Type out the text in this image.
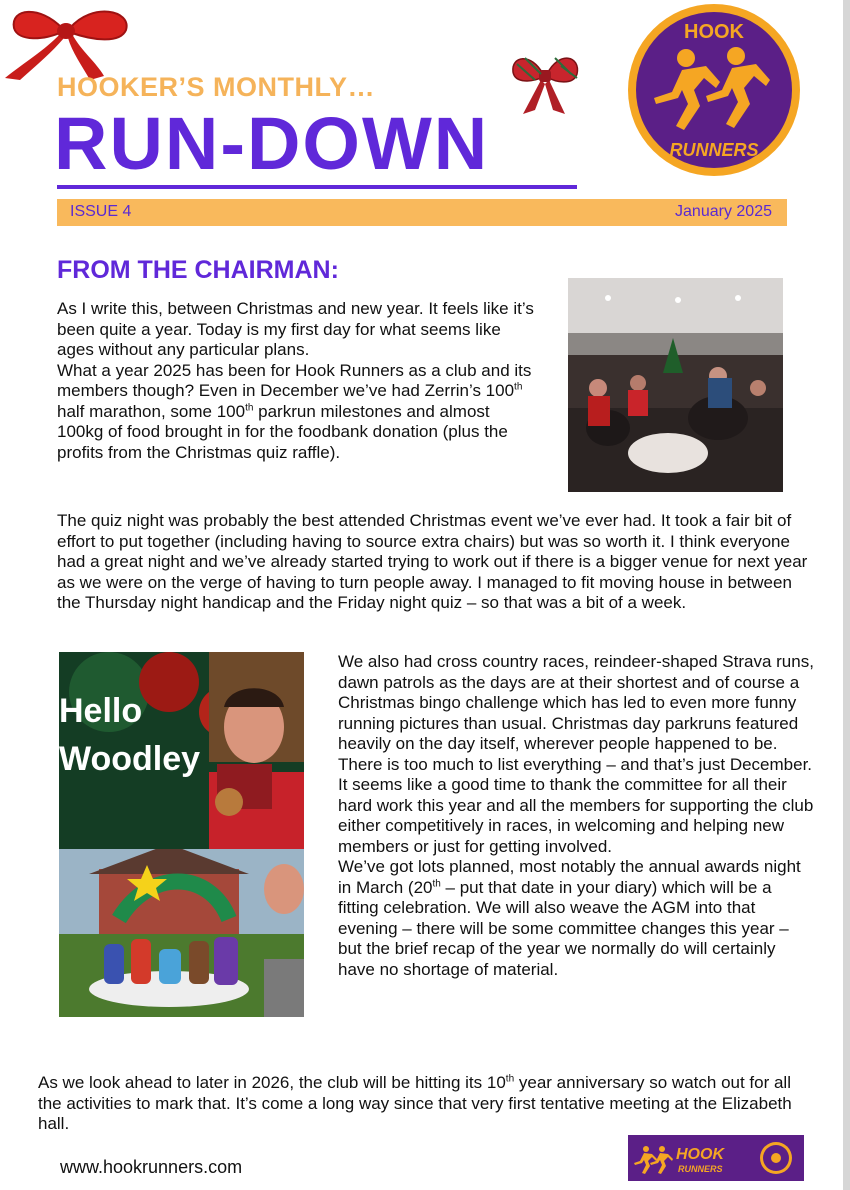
HOOKER’S MONTHLY…
RUN-DOWN
HOOK
RUNNERS
ISSUE 4	January 2025
FROM THE CHAIRMAN:
As I write this, between Christmas and new year. It feels like it’s been quite a year. Today is my first day for what seems like ages without any particular plans.
What a year 2025 has been for Hook Runners as a club and its members though? Even in December we’ve had Zerrin’s 100th half marathon, some 100th parkrun milestones and almost 100kg of food brought in for the foodbank donation (plus the profits from the Christmas quiz raffle).
The quiz night was probably the best attended Christmas event we’ve ever had. It took a fair bit of effort to put together (including having to source extra chairs) but was so worth it. I think everyone had a great night and we’ve already started trying to work out if there is a bigger venue for next year as we were on the verge of having to turn people away. I managed to fit moving house in between the Thursday night handicap and the Friday night quiz – so that was a bit of a week.
Hello
Woodley
We also had cross country races, reindeer-shaped Strava runs, dawn patrols as the days are at their shortest and of course a Christmas bingo challenge which has led to even more funny running pictures than usual. Christmas day parkruns featured heavily on the day itself, wherever people happened to be. There is too much to list everything – and that’s just December.
It seems like a good time to thank the committee for all their hard work this year and all the members for supporting the club either competitively in races, in welcoming and helping new members or just for getting involved.
We’ve got lots planned, most notably the annual awards night in March (20th – put that date in your diary) which will be a fitting celebration. We will also weave the AGM into that evening – there will be some committee changes this year – but the brief recap of the year we normally do will certainly have no shortage of material.
As we look ahead to later in 2026, the club will be hitting its 10th year anniversary so watch out for all the activities to mark that. It’s come a long way since that very first tentative meeting at the Elizabeth hall.
www.hookrunners.com
HOOK
RUNNERS
